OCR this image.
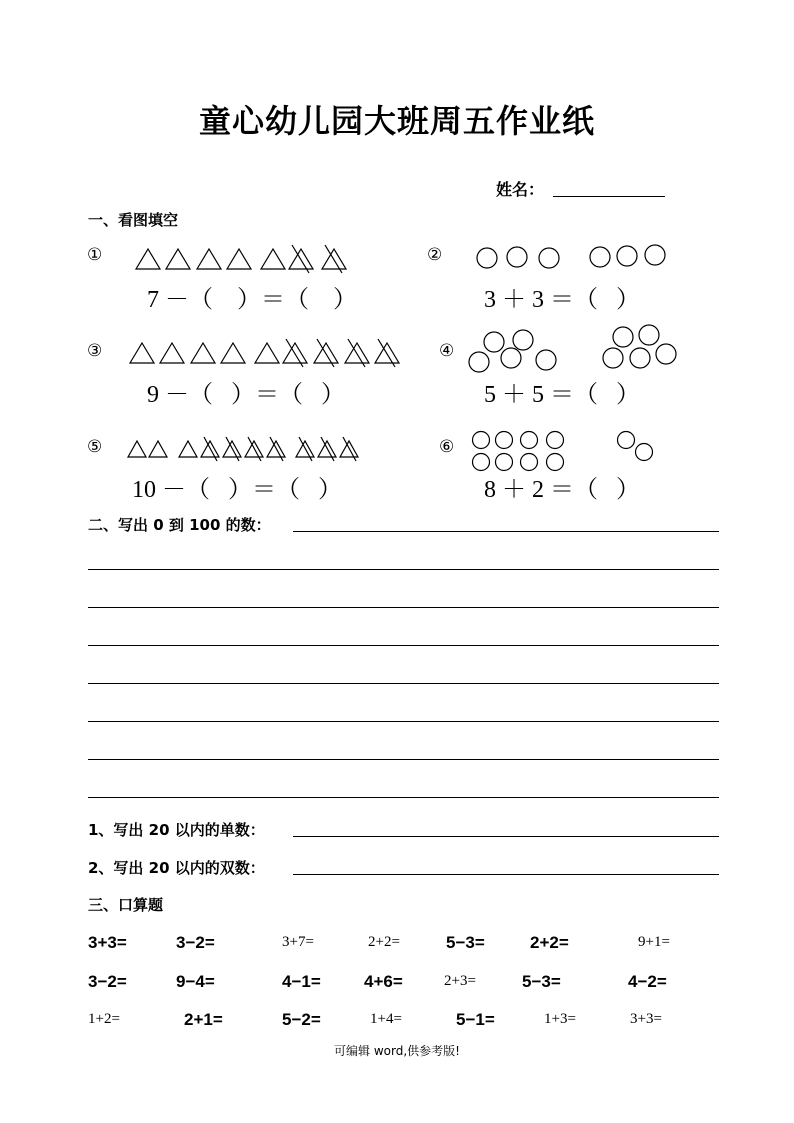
童心幼儿园大班周五作业纸
姓名：
一、看图填空
①
7 －（    ）＝（    ）
②
3 ＋ 3 ＝（   ）
③
9 －（   ）＝（   ）
④
5 ＋ 5 ＝（   ）
⑤
10 －（   ）＝（   ）
⑥
8 ＋ 2 ＝（   ）
二、写出 0 到 100 的数：
1、写出 20 以内的单数：
2、写出 20 以内的双数：
三、口算题
3+3=	3−2=	3+7=	2+2=	5−3=	2+2=	9+1=
3−2=	9−4=	4−1=	4+6=	2+3=	5−3=	4−2=
1+2=	2+1=	5−2=	1+4=	5−1=	1+3=	3+3=
可编辑 word,供参考版!
